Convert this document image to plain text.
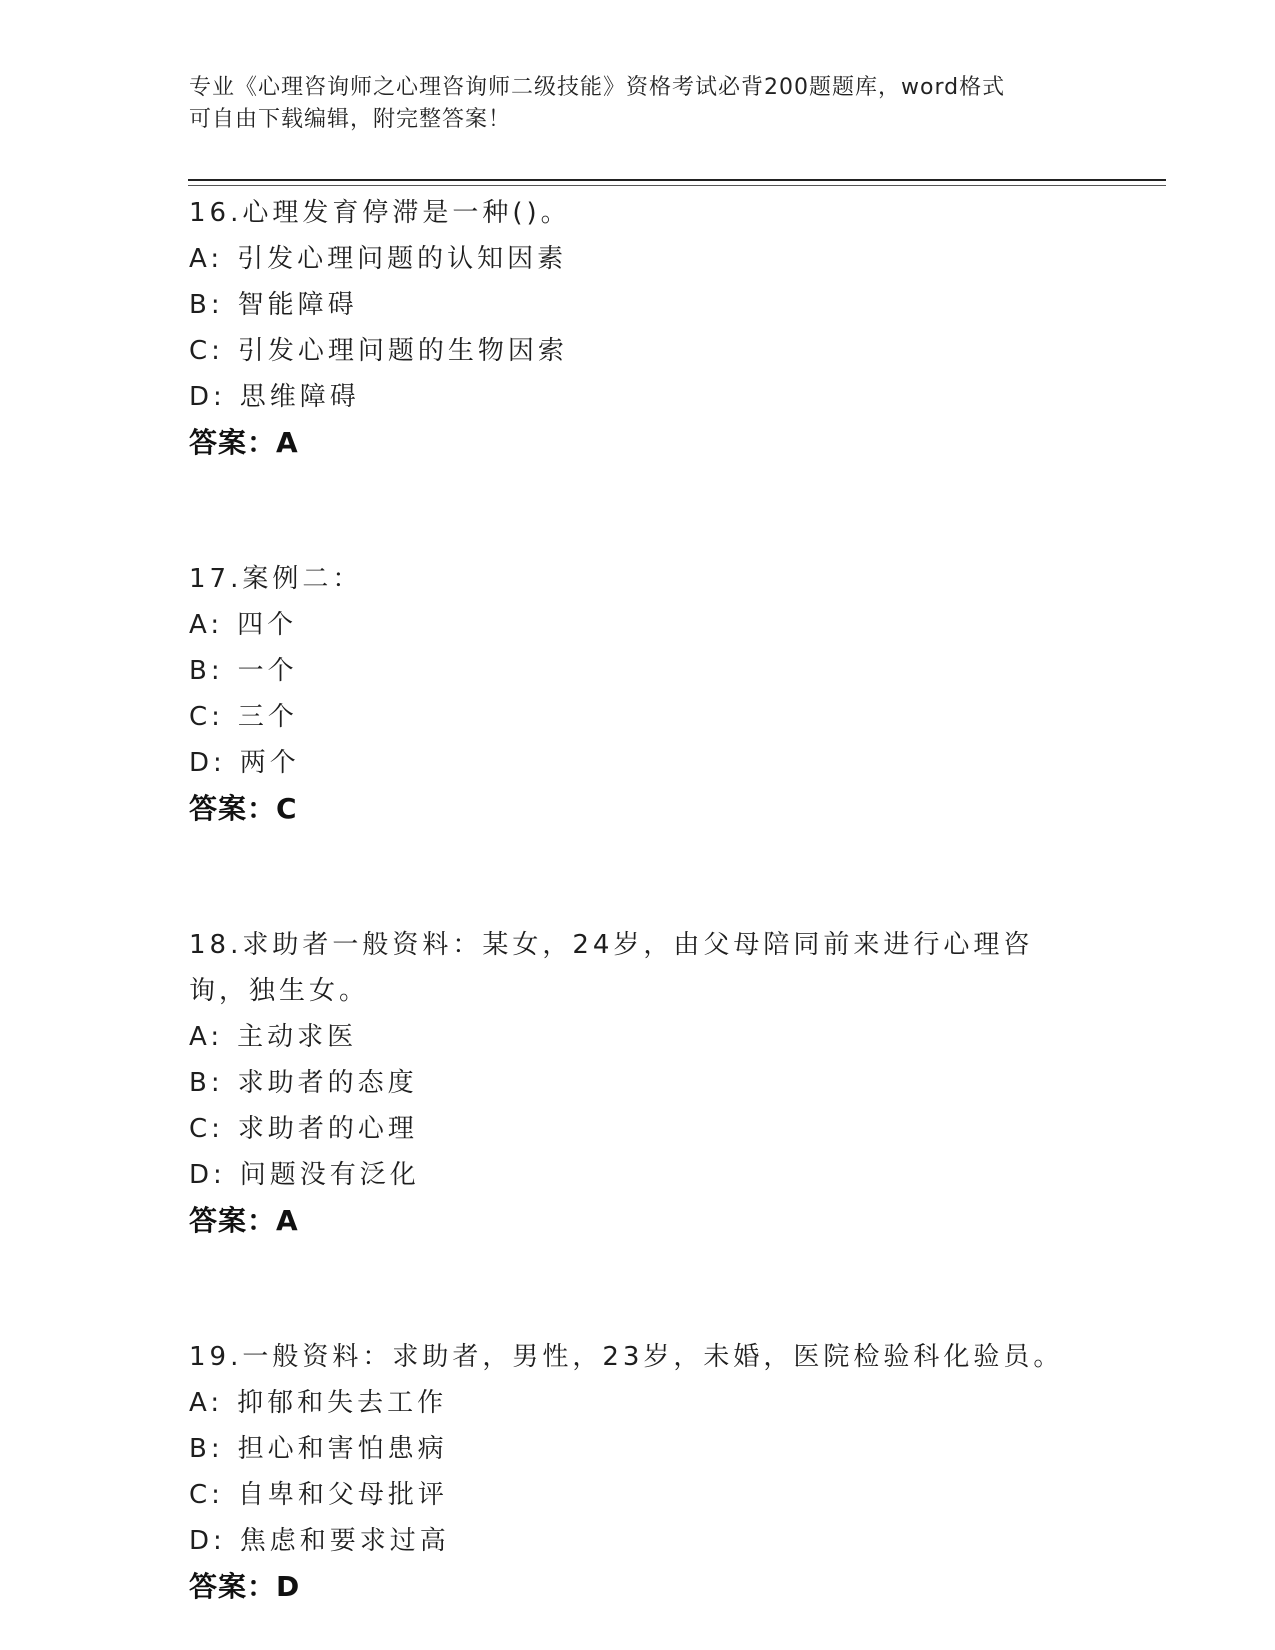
专业《心理咨询师之心理咨询师二级技能》资格考试必背200题题库，word格式
可自由下载编辑，附完整答案！
16.心理发育停滞是一种()。
A: 引发心理问题的认知因素
B: 智能障碍
C: 引发心理问题的生物因索
D: 思维障碍
答案：A
17.案例二：
A: 四个
B: 一个
C: 三个
D: 两个
答案：C
18.求助者一般资料：某女，24岁，由父母陪同前来进行心理咨询，独生女。
A: 主动求医
B: 求助者的态度
C: 求助者的心理
D: 问题没有泛化
答案：A
19.一般资料：求助者，男性，23岁，未婚，医院检验科化验员。
A: 抑郁和失去工作
B: 担心和害怕患病
C: 自卑和父母批评
D: 焦虑和要求过高
答案：D
